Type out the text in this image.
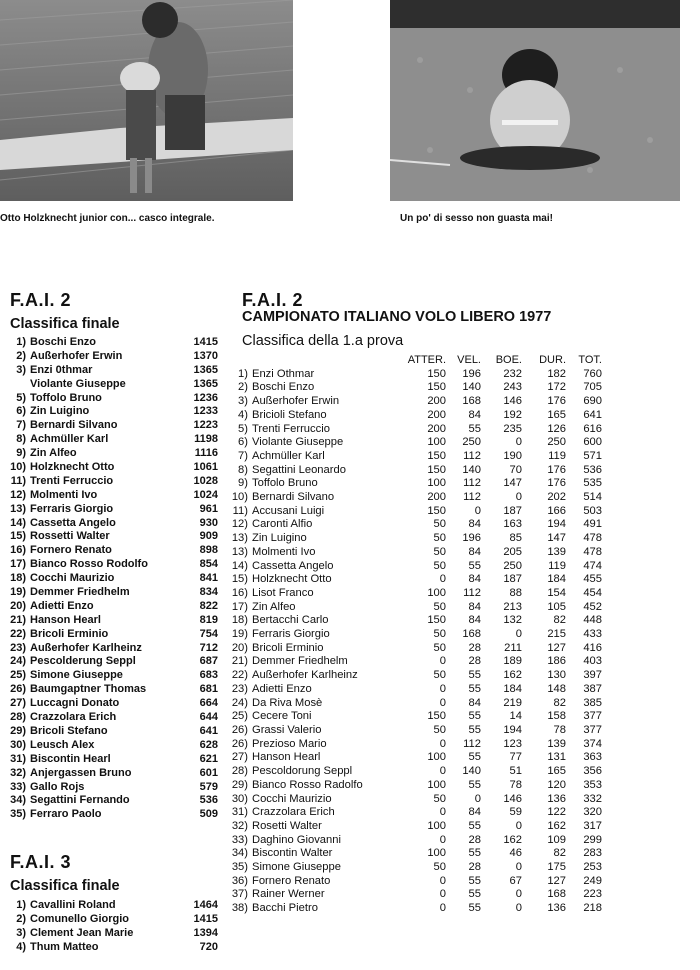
Otto Holzknecht junior con... casco integrale.	Un po' di sesso non guasta mai!
F.A.I. 2
Classifica finale
1) Boschi Enzo	1415
2) Außerhofer Erwin	1370
3) Enzi 0thmar	1365
Violante Giuseppe	1365
5) Toffolo Bruno	1236
6) Zin Luigino	1233
7) Bernardi Silvano	1223
8) Achmüller Karl	1198
9) Zin Alfeo	1116
10) Holzknecht Otto	1061
11) Trenti Ferruccio	1028
12) Molmenti Ivo	1024
13) Ferraris Giorgio	961
14) Cassetta Angelo	930
15) Rossetti Walter	909
16) Fornero Renato	898
17) Bianco Rosso Rodolfo	854
18) Cocchi Maurizio	841
19) Demmer Friedhelm	834
20) Adietti Enzo	822
21) Hanson Hearl	819
22) Bricoli Erminio	754
23) Außerhofer Karlheinz	712
24) Pescolderung Seppl	687
25) Simone Giuseppe	683
26) Baumgaptner Thomas	681
27) Luccagni Donato	664
28) Crazzolara Erich	644
29) Bricoli Stefano	641
30) Leusch Alex	628
31) Biscontin Hearl	621
32) Anjergassen Bruno	601
33) Gallo Rojs	579
34) Segattini Fernando	536
35) Ferraro Paolo	509
F.A.I. 3
Classifica finale
1) Cavallini Roland	1464
2) Comunello Giorgio	1415
3) Clement Jean Marie	1394
4) Thum Matteo	720
F.A.I. 2
CAMPIONATO ITALIANO VOLO LIBERO 1977
Classifica della 1.a prova
		ATTER.	VEL.	BOE.	DUR.	TOT.
1)	Enzi Othmar	150	196	232	182	760
2)	Boschi Enzo	150	140	243	172	705
3)	Außerhofer Erwin	200	168	146	176	690
4)	Bricioli Stefano	200	84	192	165	641
5)	Trenti Ferruccio	200	55	235	126	616
6)	Violante Giuseppe	100	250	0	250	600
7)	Achmüller Karl	150	112	190	119	571
8)	Segattini Leonardo	150	140	70	176	536
9)	Toffolo Bruno	100	112	147	176	535
10)	Bernardi Silvano	200	112	0	202	514
11)	Accusani Luigi	150	0	187	166	503
12)	Caronti Alfio	50	84	163	194	491
13)	Zin Luigino	50	196	85	147	478
13)	Molmenti Ivo	50	84	205	139	478
14)	Cassetta Angelo	50	55	250	119	474
15)	Holzknecht Otto	0	84	187	184	455
16)	Lisot Franco	100	112	88	154	454
17)	Zin Alfeo	50	84	213	105	452
18)	Bertacchi Carlo	150	84	132	82	448
19)	Ferraris Giorgio	50	168	0	215	433
20)	Bricoli Erminio	50	28	211	127	416
21)	Demmer Friedhelm	0	28	189	186	403
22)	Außerhofer Karlheinz	50	55	162	130	397
23)	Adietti Enzo	0	55	184	148	387
24)	Da Riva Mosè	0	84	219	82	385
25)	Cecere Toni	150	55	14	158	377
26)	Grassi Valerio	50	55	194	78	377
26)	Prezioso Mario	0	112	123	139	374
27)	Hanson Hearl	100	55	77	131	363
28)	Pescoldorung Seppl	0	140	51	165	356
29)	Bianco Rosso Radolfo	100	55	78	120	353
30)	Cocchi Maurizio	50	0	146	136	332
31)	Crazzolara Erich	0	84	59	122	320
32)	Rosetti Walter	100	55	0	162	317
33)	Daghino Giovanni	0	28	162	109	299
34)	Biscontin Walter	100	55	46	82	283
35)	Simone Giuseppe	50	28	0	175	253
36)	Fornero Renato	0	55	67	127	249
37)	Rainer Werner	0	55	0	168	223
38)	Bacchi Pietro	0	55	0	136	218
